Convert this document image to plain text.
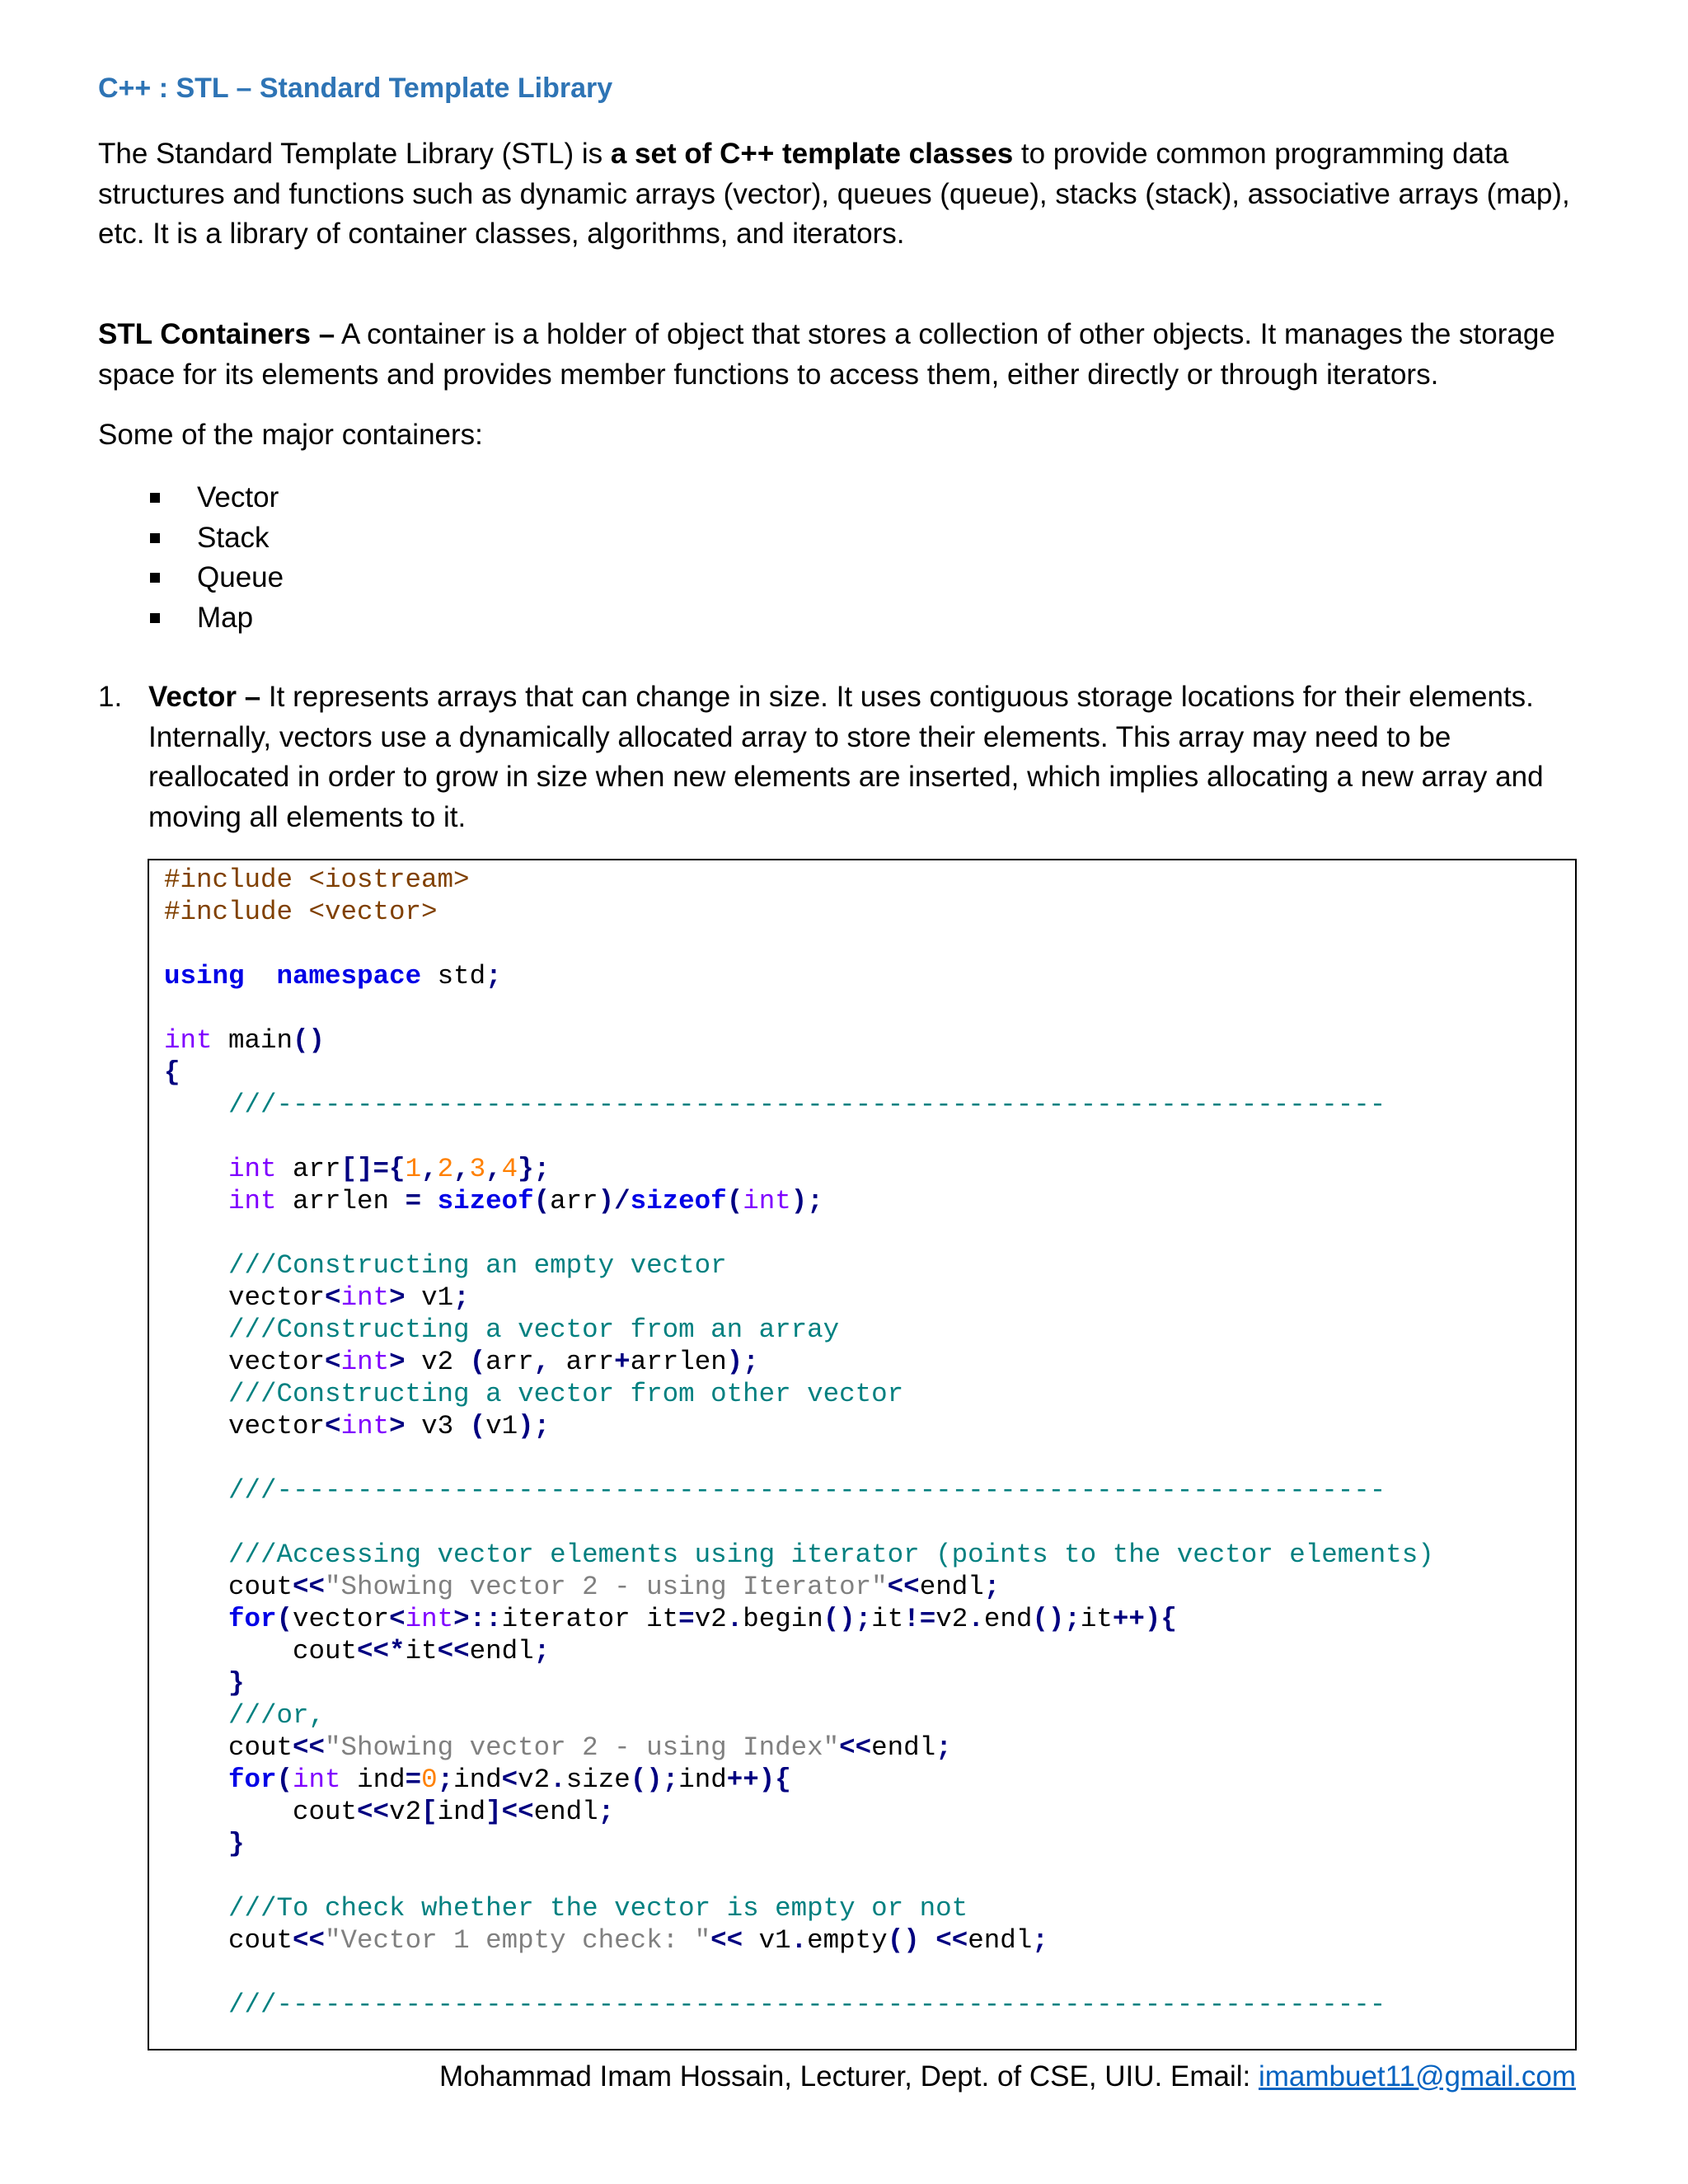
C++ : STL – Standard Template Library
The Standard Template Library (STL) is a set of C++ template classes to provide common programming data structures and functions such as dynamic arrays (vector), queues (queue), stacks (stack), associative arrays (map), etc. It is a library of container classes, algorithms, and iterators.
STL Containers – A container is a holder of object that stores a collection of other objects. It manages the storage space for its elements and provides member functions to access them, either directly or through iterators.
Some of the major containers:
Vector
Stack
Queue
Map
1. Vector – It represents arrays that can change in size. It uses contiguous storage locations for their elements. Internally, vectors use a dynamically allocated array to store their elements. This array may need to be reallocated in order to grow in size when new elements are inserted, which implies allocating a new array and moving all elements to it.
#include <iostream>
#include <vector>
using namespace std;
int main()
{
///---------------------------------------------------------------------
int arr[]={1,2,3,4};
int arrlen = sizeof(arr)/sizeof(int);
///Constructing an empty vector
vector<int> v1;
///Constructing a vector from an array
vector<int> v2 (arr, arr+arrlen);
///Constructing a vector from other vector
vector<int> v3 (v1);
///---------------------------------------------------------------------
///Accessing vector elements using iterator (points to the vector elements)
cout<<"Showing vector 2 - using Iterator"<<endl;
for(vector<int>::iterator it=v2.begin();it!=v2.end();it++){
cout<<*it<<endl;
}
///or,
cout<<"Showing vector 2 - using Index"<<endl;
for(int ind=0;ind<v2.size();ind++){
cout<<v2[ind]<<endl;
}
///To check whether the vector is empty or not
cout<<"Vector 1 empty check: "<< v1.empty() <<endl;
///---------------------------------------------------------------------
Mohammad Imam Hossain, Lecturer, Dept. of CSE, UIU. Email: imambuet11@gmail.com
